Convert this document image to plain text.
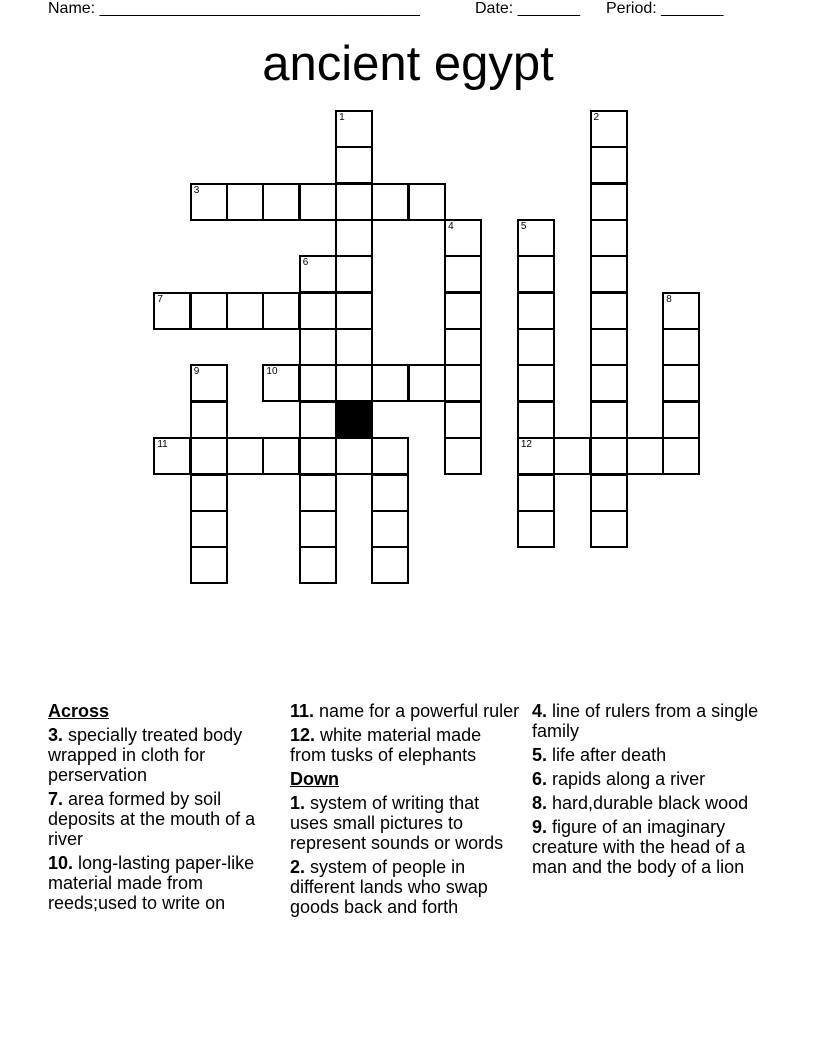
Name: ____________________________________	Date: _______ Period: _______
ancient egypt
1	2
3
4	5
6
7	8
9	10
11	12
Across
3. specially treated body wrapped in cloth for perservation
7. area formed by soil deposits at the mouth of a river
10. long-lasting paper-like material made from reeds;used to write on
11. name for a powerful ruler
12. white material made from tusks of elephants
Down
1. system of writing that uses small pictures to represent sounds or words
2. system of people in different lands who swap goods back and forth
4. line of rulers from a single family
5. life after death
6. rapids along a river
8. hard,durable black wood
9. figure of an imaginary creature with the head of a man and the body of a lion
